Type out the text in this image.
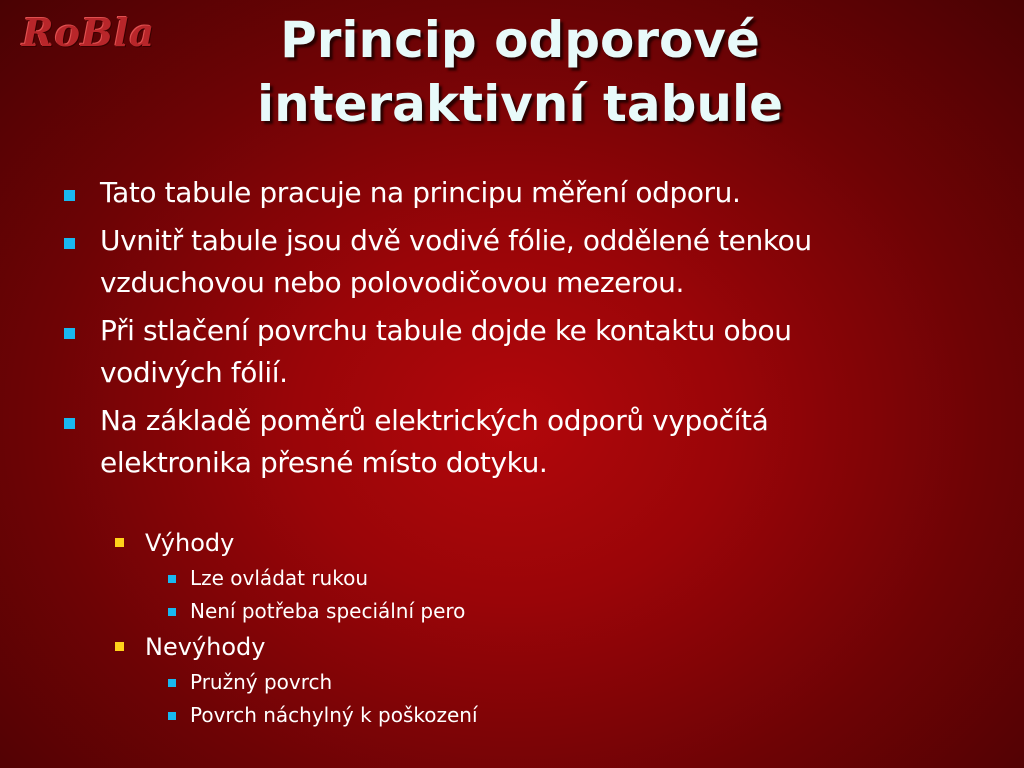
RoBla	Princip odporové
interaktivní tabule
Tato tabule pracuje na principu měření odporu.
Uvnitř tabule jsou dvě vodivé fólie, oddělené tenkou
vzduchovou nebo polovodičovou mezerou.
Při stlačení povrchu tabule dojde ke kontaktu obou
vodivých fólií.
Na základě poměrů elektrických odporů vypočítá
elektronika přesné místo dotyku.
Výhody
Lze ovládat rukou
Není potřeba speciální pero
Nevýhody
Pružný povrch
Povrch náchylný k poškození
